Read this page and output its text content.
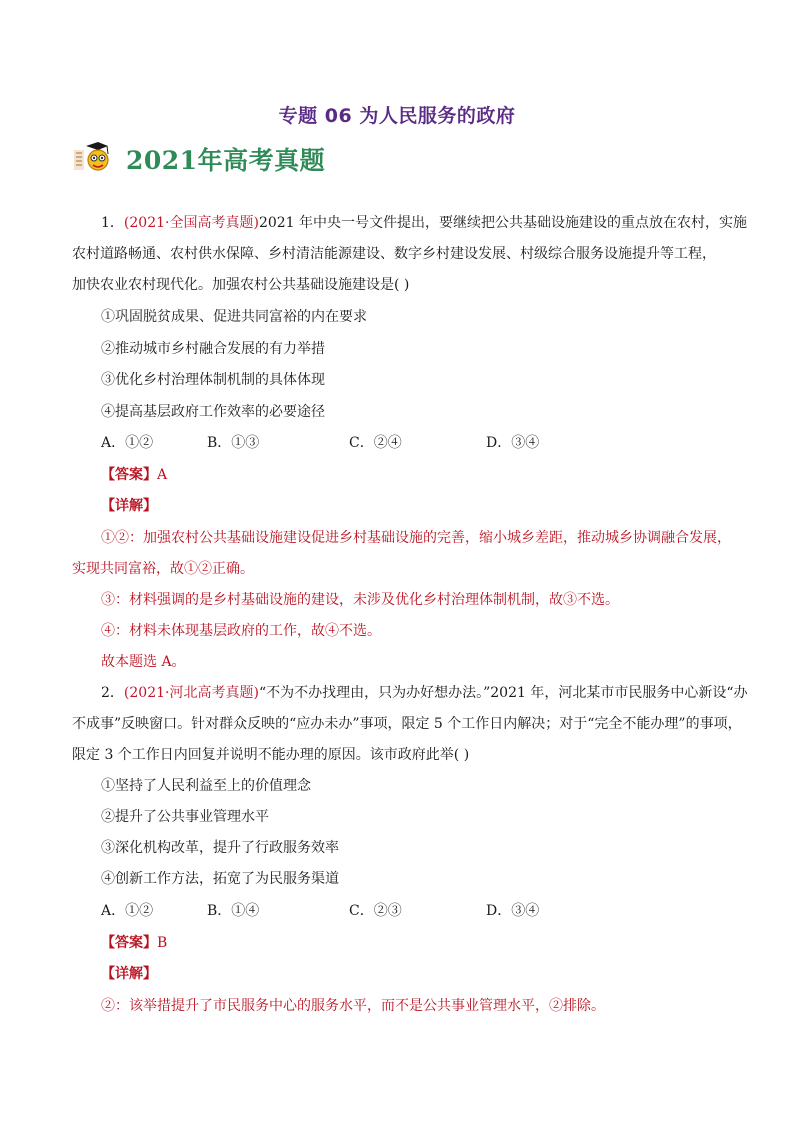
专题 06 为人民服务的政府
2021年高考真题
1．(2021·全国高考真题)2021 年中央一号文件提出，要继续把公共基础设施建设的重点放在农村，实施
农村道路畅通、农村供水保障、乡村清洁能源建设、数字乡村建设发展、村级综合服务设施提升等工程，
加快农业农村现代化。加强农村公共基础设施建设是( )
①巩固脱贫成果、促进共同富裕的内在要求
②推动城市乡村融合发展的有力举措
③优化乡村治理体制机制的具体体现
④提高基层政府工作效率的必要途径
A．①②	B．①③	C．②④	D．③④
【答案】A
【详解】
①②：加强农村公共基础设施建设促进乡村基础设施的完善，缩小城乡差距，推动城乡协调融合发展，
实现共同富裕，故①②正确。
③：材料强调的是乡村基础设施的建设，未涉及优化乡村治理体制机制，故③不选。
④：材料未体现基层政府的工作，故④不选。
故本题选 A。
2．(2021·河北高考真题)“不为不办找理由，只为办好想办法。”2021 年，河北某市市民服务中心新设“办
不成事”反映窗口。针对群众反映的“应办未办”事项，限定 5 个工作日内解决；对于“完全不能办理”的事项，
限定 3 个工作日内回复并说明不能办理的原因。该市政府此举( )
①坚持了人民利益至上的价值理念
②提升了公共事业管理水平
③深化机构改革，提升了行政服务效率
④创新工作方法，拓宽了为民服务渠道
A．①②	B．①④	C．②③	D．③④
【答案】B
【详解】
②：该举措提升了市民服务中心的服务水平，而不是公共事业管理水平，②排除。
